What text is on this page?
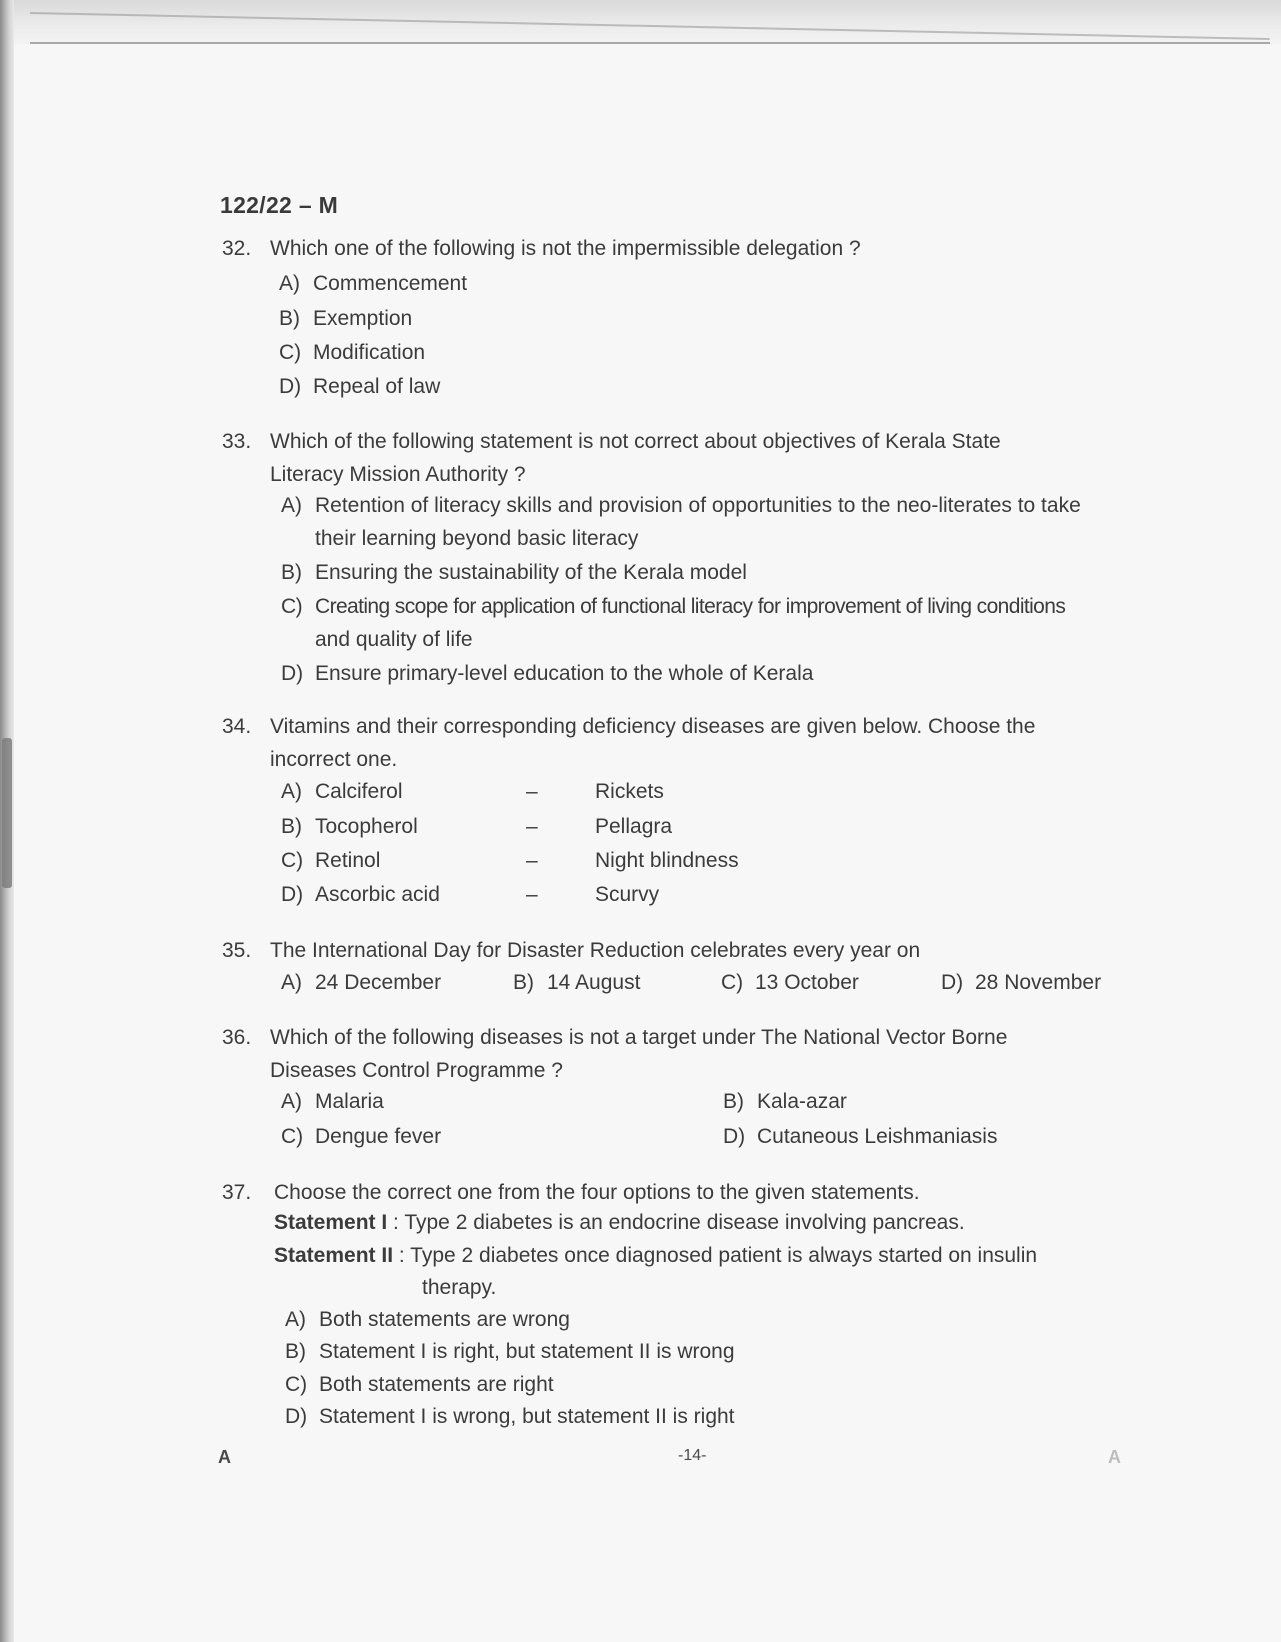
122/22 – M
32. Which one of the following is not the impermissible delegation ?
A) Commencement
B) Exemption
C) Modification
D) Repeal of law
33. Which of the following statement is not correct about objectives of Kerala State
Literacy Mission Authority ?
A) Retention of literacy skills and provision of opportunities to the neo-literates to take
their learning beyond basic literacy
B) Ensuring the sustainability of the Kerala model
C) Creating scope for application of functional literacy for improvement of living conditions
and quality of life
D) Ensure primary-level education to the whole of Kerala
34. Vitamins and their corresponding deficiency diseases are given below. Choose the
incorrect one.
A) Calciferol	–	Rickets
B) Tocopherol	–	Pellagra
C) Retinol	–	Night blindness
D) Ascorbic acid	–	Scurvy
35. The International Day for Disaster Reduction celebrates every year on
A) 24 December	B) 14 August	C) 13 October	D) 28 November
36. Which of the following diseases is not a target under The National Vector Borne
Diseases Control Programme ?
A) Malaria	B) Kala-azar
C) Dengue fever	D) Cutaneous Leishmaniasis
37. Choose the correct one from the four options to the given statements.
Statement I : Type 2 diabetes is an endocrine disease involving pancreas.
Statement II : Type 2 diabetes once diagnosed patient is always started on insulin
therapy.
A) Both statements are wrong
B) Statement I is right, but statement II is wrong
C) Both statements are right
D) Statement I is wrong, but statement II is right
A	-14-	A
